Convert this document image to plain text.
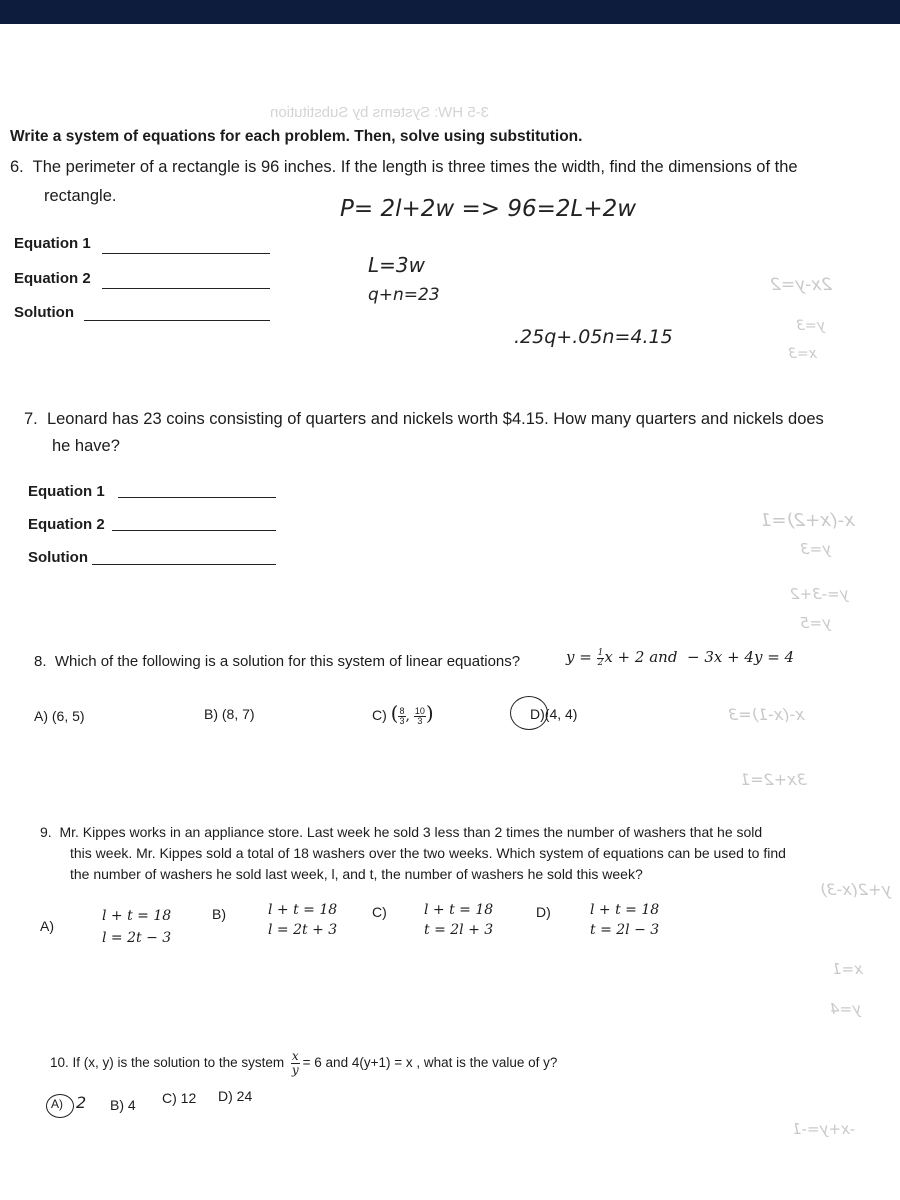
3-5 HW: Systems by Substitution
Write a system of equations for each problem. Then, solve using substitution.
6. The perimeter of a rectangle is 96 inches. If the length is three times the width, find the dimensions of the
rectangle.
Equation 1
Equation 2
Solution
P= 2l+2w => 96=2L+2w
L=3w
q+n=23
.25q+.05n=4.15
2x-y=2
y=3
x=3
x-(x+2)=1
y=3
y=-3+2
y=5
x-(x-1)=3
3x+2=1
y+2(x-3)
x=1
y=4
-x+y=-1
7. Leonard has 23 coins consisting of quarters and nickels worth $4.15. How many quarters and nickels does
he have?
Equation 1
Equation 2
Solution
8. Which of the following is a solution for this system of linear equations?	$y = \frac{1}{2}$ x + 2 and − 3x + 4y = 4
A) (6, 5)	B) (8, 7)	C) ( $\frac{8}{3}$ , $\frac{10}{3}$ )	D)(4, 4)
9. Mr. Kippes works in an appliance store. Last week he sold 3 less than 2 times the number of washers that he sold
this week. Mr. Kippes sold a total of 18 washers over the two weeks. Which system of equations can be used to find
the number of washers he sold last week, l, and t, the number of washers he sold this week?
A)
l + t = 18
l = 2t − 3
B)	l + t = 18
l = 2t + 3
C)	l + t = 18
t = 2l + 3
D)	l + t = 18
t = 2l − 3
10. If (x, y) is the solution to the system $\frac{x}{y} = 6$ and 4(y+1) = x , what is the value of y?
A) 2 B) 4 C) 12 D) 24
